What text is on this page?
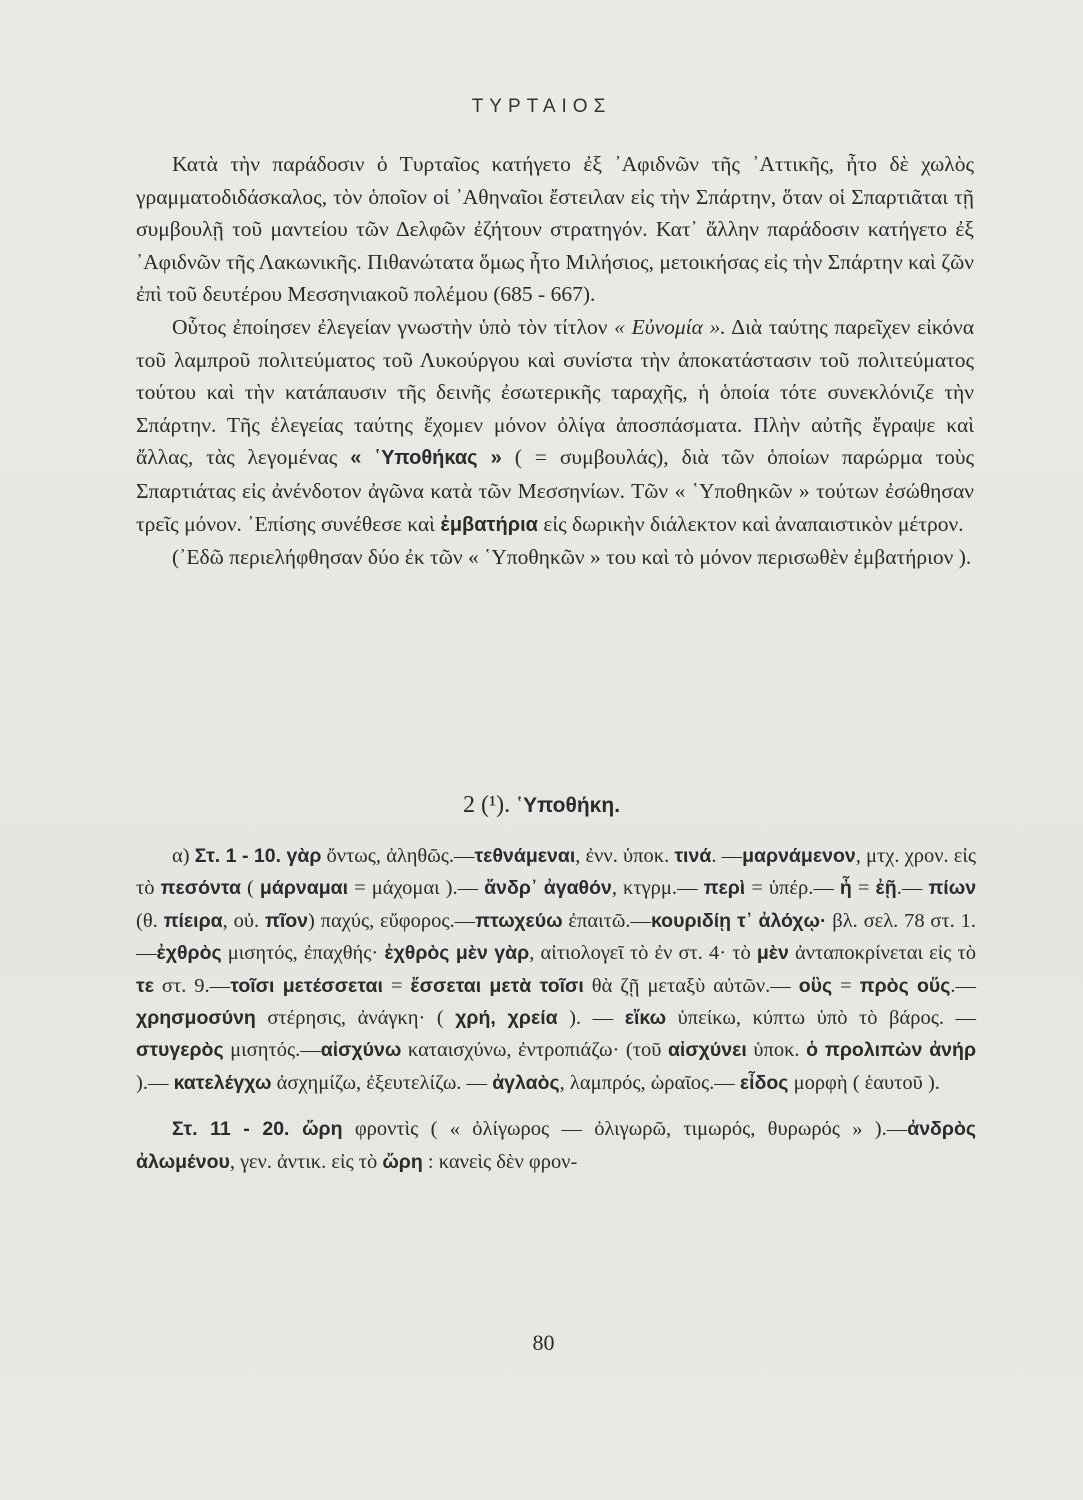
ΤΥΡΤΑΙΟΣ

Κατὰ τὴν παράδοσιν ὁ Τυρταῖος κατήγετο ἐξ ᾿Αφιδνῶν τῆς ᾿Αττικῆς, ἦτο δὲ χωλὸς γραμματοδιδάσκαλος, τὸν ὁποῖον οἱ ᾿Αθηναῖοι ἔστειλαν εἰς τὴν Σπάρτην, ὅταν οἱ Σπαρτιᾶται τῇ συμβουλῇ τοῦ μαντείου τῶν Δελφῶν ἐζήτουν στρατηγόν. Κατ᾿ ἄλλην παράδοσιν κατήγετο ἐξ ᾿Αφιδνῶν τῆς Λακωνικῆς. Πιθανώτατα ὅμως ἦτο Μιλήσιος, μετοικήσας εἰς τὴν Σπάρτην καὶ ζῶν ἐπὶ τοῦ δευτέρου Μεσσηνιακοῦ πολέμου (685 - 667).

Οὗτος ἐποίησεν ἐλεγείαν γνωστὴν ὑπὸ τὸν τίτλον « Εὐνομία ». Διὰ ταύτης παρεῖχεν εἰκόνα τοῦ λαμπροῦ πολιτεύματος τοῦ Λυκούργου καὶ συνίστα τὴν ἀποκατάστασιν τοῦ πολιτεύματος τούτου καὶ τὴν κατάπαυσιν τῆς δεινῆς ἐσωτερικῆς ταραχῆς, ἡ ὁποία τότε συνεκλόνιζε τὴν Σπάρτην. Τῆς ἐλεγείας ταύτης ἔχομεν μόνον ὀλίγα ἀποσπάσματα. Πλὴν αὐτῆς ἔγραψε καὶ ἄλλας, τὰς λεγομένας « ῾Υποθήκας » ( = συμβουλάς), διὰ τῶν ὁποίων παρώρμα τοὺς Σπαρτιάτας εἰς ἀνένδοτον ἀγῶνα κατὰ τῶν Μεσσηνίων. Τῶν « ῾Υποθηκῶν » τούτων ἐσώθησαν τρεῖς μόνον. ᾿Επίσης συνέθεσε καὶ ἐμβατήρια εἰς δωρικὴν διάλεκτον καὶ ἀναπαιστικὸν μέτρον.

(᾿Εδῶ περιελήφθησαν δύο ἐκ τῶν « ῾Υποθηκῶν » του καὶ τὸ μόνον περισωθὲν ἐμβατήριον ).

2 (¹). ῾Υποθήκη.

α) Στ. 1 - 10. γὰρ ὄντως, ἀληθῶς.—τεθνάμεναι, ἐνν. ὑποκ. τινά. —μαρνάμενον, μτχ. χρον. εἰς τὸ πεσόντα ( μάρναμαι = μάχομαι ).— ἄνδρ᾿ ἀγαθόν, κτγρμ.— περὶ = ὑπέρ.— ἦ = ἐῇ.— πίων (θ. πίειρα, οὐ. πῖον) παχύς, εὔφορος.—πτωχεύω ἐπαιτῶ.—κουριδίῃ τ᾿ ἀλόχῳ· βλ. σελ. 78 στ. 1.—ἐχθρὸς μισητός, ἐπαχθής· ἐχθρὸς μὲν γὰρ, αἰτιολογεῖ τὸ ἐν στ. 4· τὸ μὲν ἀνταποκρίνεται εἰς τὸ τε στ. 9.—τοῖσι μετέσσεται = ἔσσεται μετὰ τοῖσι θὰ ζῇ μεταξὺ αὐτῶν.— οὓς = πρὸς οὕς.— χρησμοσύνη στέρησις, ἀνάγκη· ( χρή, χρεία ). — εἴκω ὑπείκω, κύπτω ὑπὸ τὸ βάρος. — στυγερὸς μισητός.—αἰσχύνω καταισχύνω, ἐντροπιάζω· (τοῦ αἰσχύνει ὑποκ. ὁ προλιπὼν ἀνήρ ).— κατελέγχω ἀσχημίζω, ἐξευτελίζω. — ἀγλαὸς, λαμπρός, ὡραῖος.— εἶδος μορφὴ ( ἑαυτοῦ ).

Στ. 11 - 20. ὤρη φροντὶς ( « ὀλίγωρος — ὀλιγωρῶ, τιμωρός, θυρωρός » ).—ἀνδρὸς ἀλωμένου, γεν. ἀντικ. εἰς τὸ ὤρη : κανεὶς δὲν φρον-

80
